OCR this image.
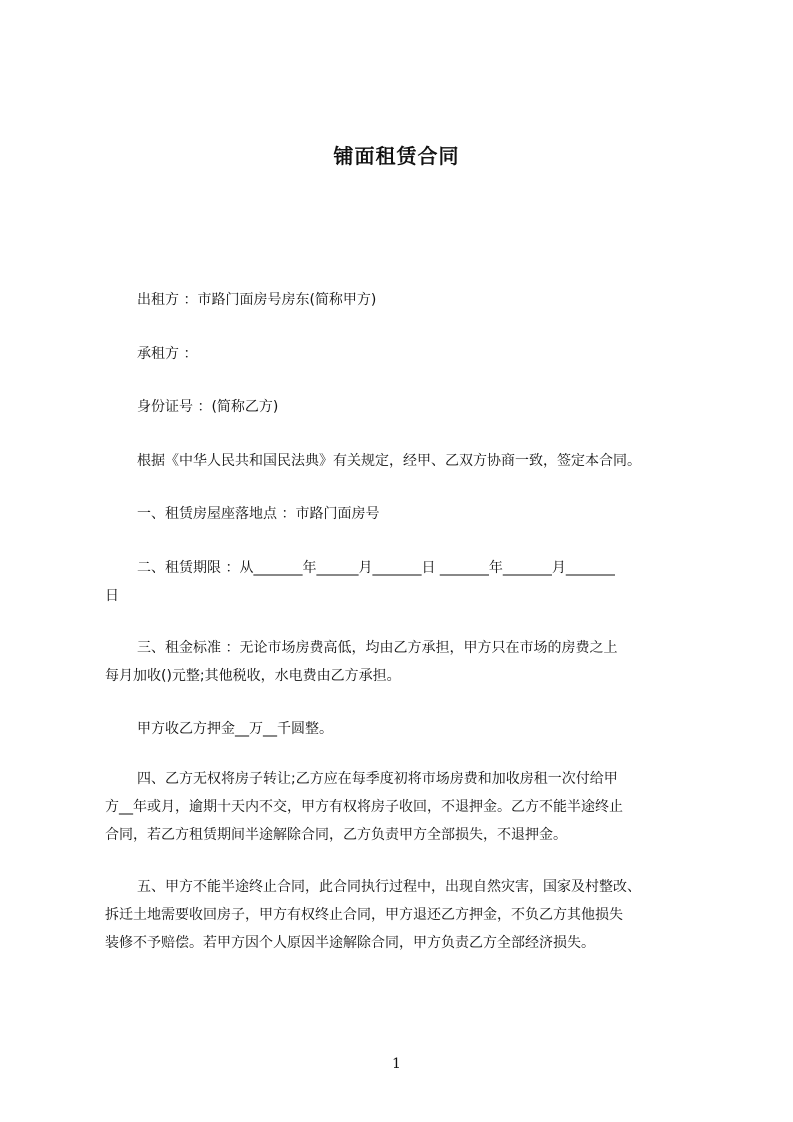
铺面租赁合同
出租方 ：市路门面房号房东(简称甲方)
承租方 ：
身份证号 ：(简称乙方)
根据《中华人民共和国民法典》有关规定，经甲、乙双方协商一致，签定本合同。
一、租赁房屋座落地点 ：市路门面房号
二、租赁期限 ：从_______年______月_______日 _______年_______月_______
日
三、租金标准 ：无论市场房费高低，均由乙方承担，甲方只在市场的房费之上
每月加收()元整;其他税收，水电费由乙方承担。
甲方收乙方押金__万__千圆整。
四、乙方无权将房子转让;乙方应在每季度初将市场房费和加收房租一次付给甲
方__年或月，逾期十天内不交，甲方有权将房子收回，不退押金。乙方不能半途终止
合同，若乙方租赁期间半途解除合同，乙方负责甲方全部损失，不退押金。
五、甲方不能半途终止合同，此合同执行过程中，出现自然灾害，国家及村整改、
拆迁土地需要收回房子，甲方有权终止合同，甲方退还乙方押金，不负乙方其他损失
装修不予赔偿。若甲方因个人原因半途解除合同，甲方负责乙方全部经济损失。
1
